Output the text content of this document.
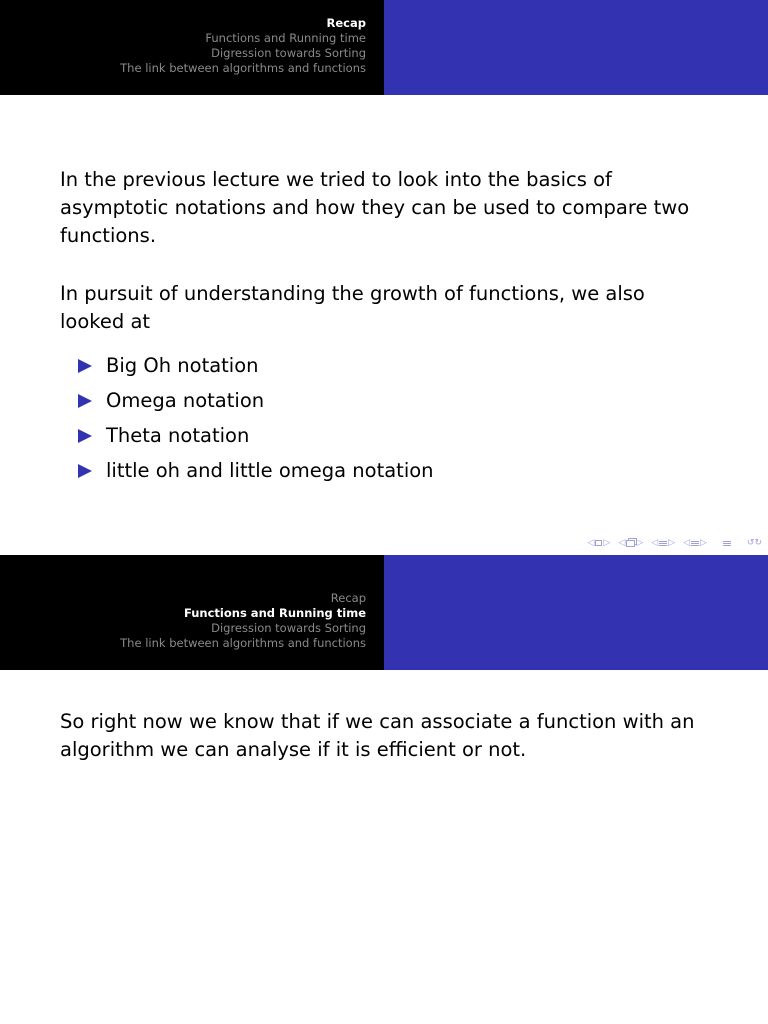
Recap
Functions and Running time
Digression towards Sorting
The link between algorithms and functions

In the previous lecture we tried to look into the basics of asymptotic notations and how they can be used to compare two functions.

In pursuit of understanding the growth of functions, we also looked at

Big Oh notation
Omega notation
Theta notation
little oh and little omega notation
◁ ▷ ◁ ▷ ◁ ▷ ◁ ▷	↺↻
Recap
Functions and Running time
Digression towards Sorting
The link between algorithms and functions

So right now we know that if we can associate a function with an algorithm we can analyse if it is efficient or not.
